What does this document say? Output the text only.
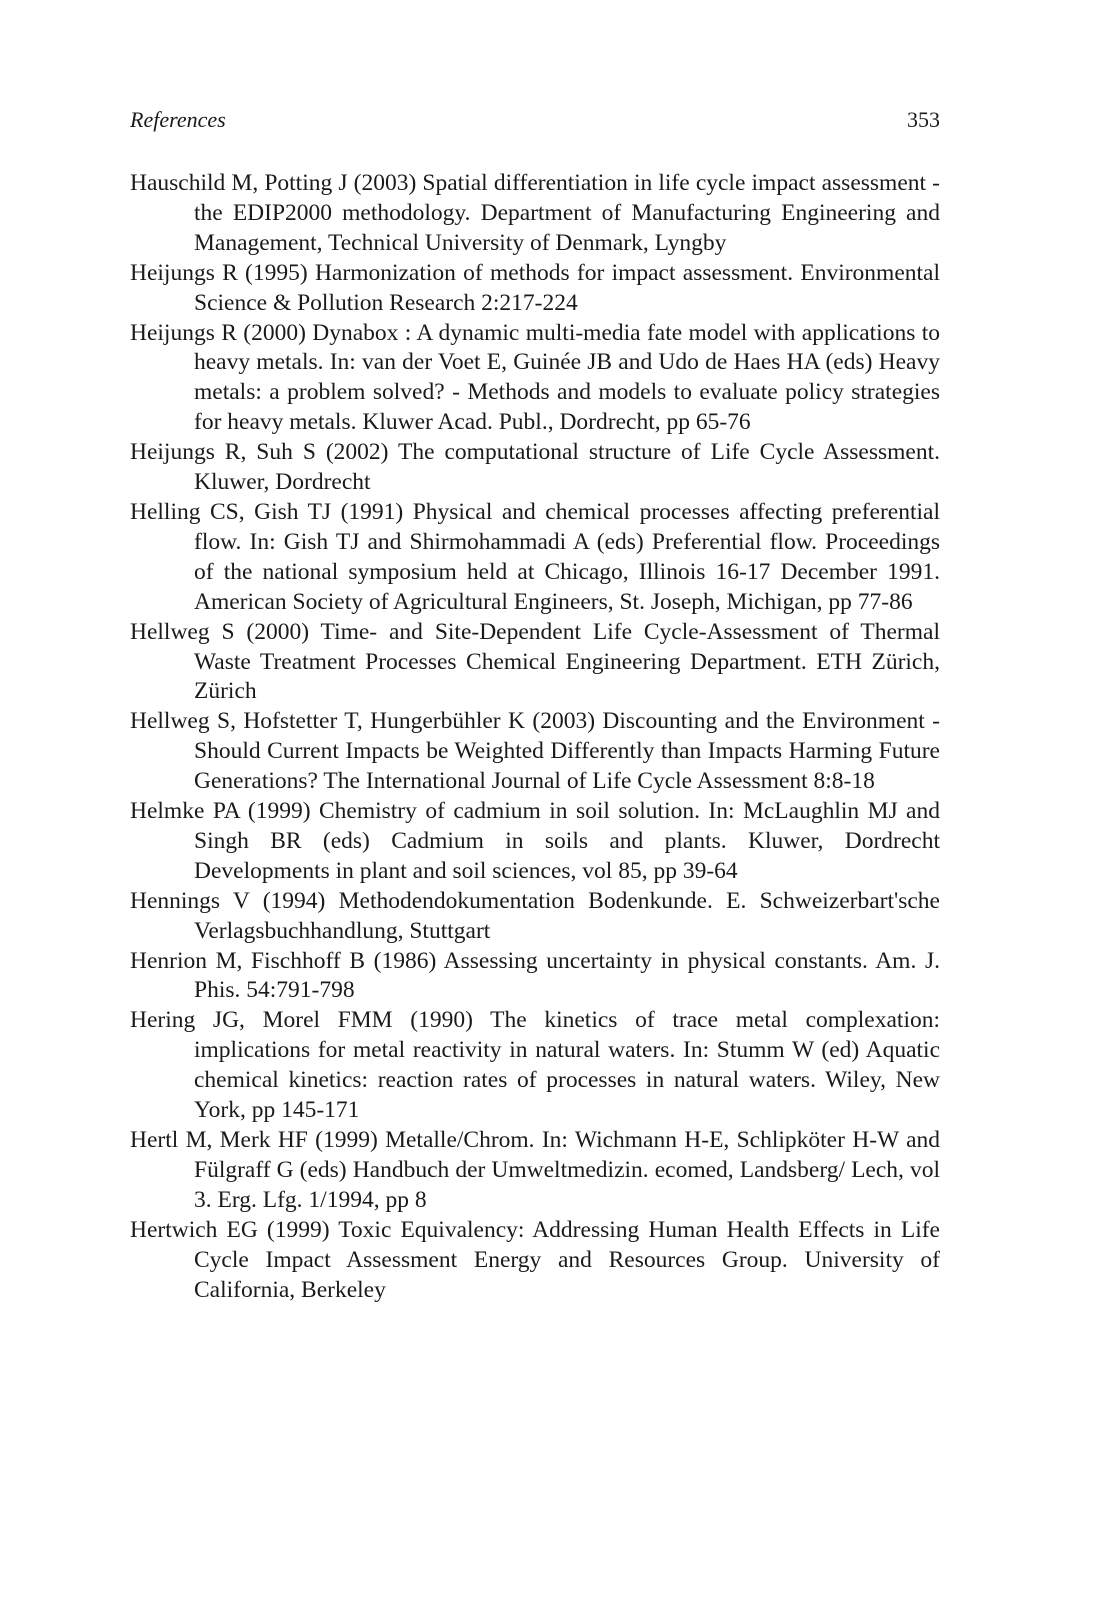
References	353
Hauschild M, Potting J (2003) Spatial differentiation in life cycle impact assessment - the EDIP2000 methodology. Department of Manufacturing Engineering and Management, Technical University of Denmark, Lyngby
Heijungs R (1995) Harmonization of methods for impact assessment. Environmental Science & Pollution Research 2:217-224
Heijungs R (2000) Dynabox : A dynamic multi-media fate model with applications to heavy metals. In: van der Voet E, Guinée JB and Udo de Haes HA (eds) Heavy metals: a problem solved? - Methods and models to evaluate policy strategies for heavy metals. Kluwer Acad. Publ., Dordrecht, pp 65-76
Heijungs R, Suh S (2002) The computational structure of Life Cycle Assessment. Kluwer, Dordrecht
Helling CS, Gish TJ (1991) Physical and chemical processes affecting preferential flow. In: Gish TJ and Shirmohammadi A (eds) Preferential flow. Proceedings of the national symposium held at Chicago, Illinois 16-17 December 1991. American Society of Agricultural Engineers, St. Joseph, Michigan, pp 77-86
Hellweg S (2000) Time- and Site-Dependent Life Cycle-Assessment of Thermal Waste Treatment Processes Chemical Engineering Department. ETH Zürich, Zürich
Hellweg S, Hofstetter T, Hungerbühler K (2003) Discounting and the Environment - Should Current Impacts be Weighted Differently than Impacts Harming Future Generations? The International Journal of Life Cycle Assessment 8:8-18
Helmke PA (1999) Chemistry of cadmium in soil solution. In: McLaughlin MJ and Singh BR (eds) Cadmium in soils and plants. Kluwer, Dordrecht Developments in plant and soil sciences, vol 85, pp 39-64
Hennings V (1994) Methodendokumentation Bodenkunde. E. Schweizerbart'sche Verlagsbuchhandlung, Stuttgart
Henrion M, Fischhoff B (1986) Assessing uncertainty in physical constants. Am. J. Phis. 54:791-798
Hering JG, Morel FMM (1990) The kinetics of trace metal complexation: implications for metal reactivity in natural waters. In: Stumm W (ed) Aquatic chemical kinetics: reaction rates of processes in natural waters. Wiley, New York, pp 145-171
Hertl M, Merk HF (1999) Metalle/Chrom. In: Wichmann H-E, Schlipköter H-W and Fülgraff G (eds) Handbuch der Umweltmedizin. ecomed, Landsberg/ Lech, vol 3. Erg. Lfg. 1/1994, pp 8
Hertwich EG (1999) Toxic Equivalency: Addressing Human Health Effects in Life Cycle Impact Assessment Energy and Resources Group. University of California, Berkeley
